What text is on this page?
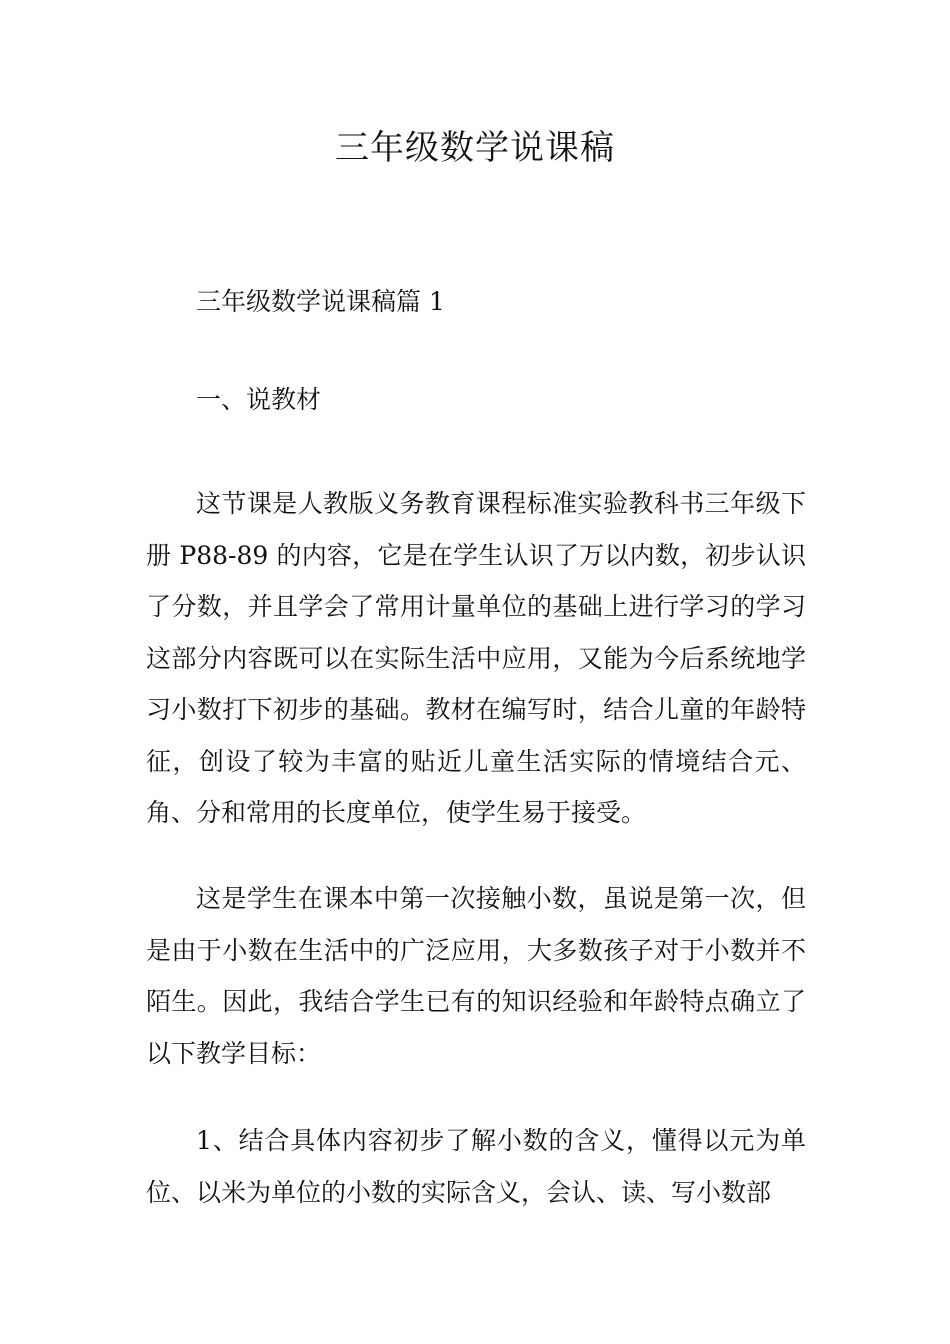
三年级数学说课稿

三年级数学说课稿篇 1

一、说教材

这节课是人教版义务教育课程标准实验教科书三年级下册 P88-89 的内容，它是在学生认识了万以内数，初步认识了分数，并且学会了常用计量单位的基础上进行学习的学习这部分内容既可以在实际生活中应用，又能为今后系统地学习小数打下初步的基础。教材在编写时，结合儿童的年龄特征，创设了较为丰富的贴近儿童生活实际的情境结合元、角、分和常用的长度单位，使学生易于接受。

这是学生在课本中第一次接触小数，虽说是第一次，但是由于小数在生活中的广泛应用，大多数孩子对于小数并不陌生。因此，我结合学生已有的知识经验和年龄特点确立了以下教学目标：

1、结合具体内容初步了解小数的含义，懂得以元为单位、以米为单位的小数的实际含义，会认、读、写小数部
